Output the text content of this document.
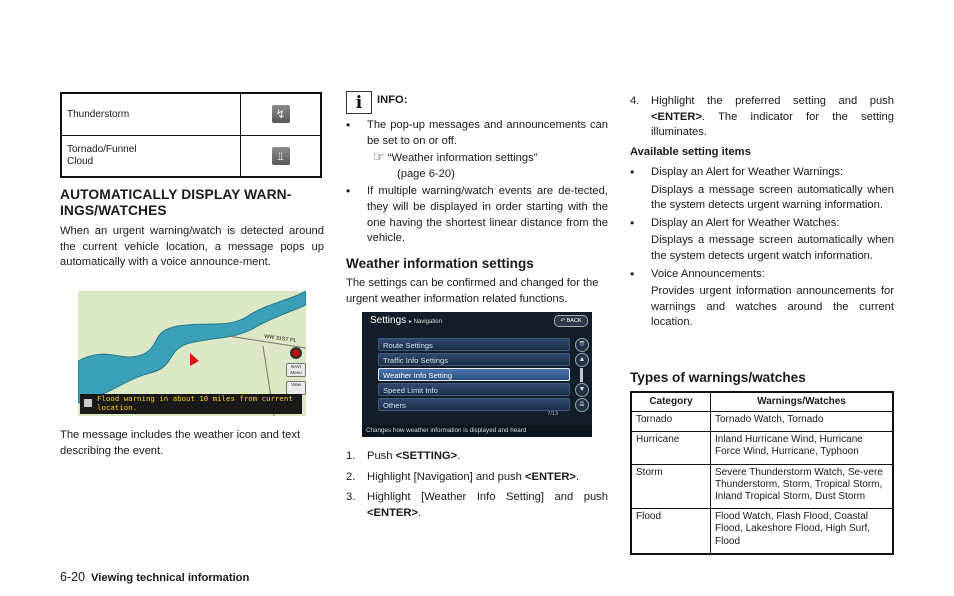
Thunderstorm	↯

Tornado/Funnel
Cloud	⫫
AUTOMATICALLY DISPLAY WARN-
INGS/WATCHES

When an urgent warning/watch is detected around the current vehicle location, a message pops up automatically with a voice announce-ment.

WW 31ST PL
NAVI Menu
View
Flood warning in about 10 miles from current location.

The message includes the weather icon and text describing the event.

i	INFO:
• The pop-up messages and announcements can be set to on or off.
☞ “Weather information settings”
(page 6-20)
• If multiple warning/watch events are de-tected, they will be displayed in order starting with the one having the shortest linear distance from the vehicle.
Weather information settings

The settings can be confirmed and changed for the urgent weather information related functions.

Settings ▸ Navigation	↶ BACK
Route Settings
Traffic Info Settings
Weather Info Setting
Speed Limit Info
Others
⇈
▲
▼
⇊
7/13
Changes how weather information is displayed and heard
1. Push <SETTING>.
2. Highlight [Navigation] and push <ENTER>.
3. Highlight [Weather Info Setting] and push <ENTER>.
4. Highlight the preferred setting and push <ENTER>. The indicator for the setting illuminates.
Available setting items
• Display an Alert for Weather Warnings:
Displays a message screen automatically when the system detects urgent warning information.
• Display an Alert for Weather Watches:
Displays a message screen automatically when the system detects urgent watch information.
• Voice Announcements:
Provides urgent information announcements for warnings and watches around the current location.
Types of warnings/watches
Category	Warnings/Watches
Tornado	Tornado Watch, Tornado
Hurricane	Inland Hurricane Wind, Hurricane Force Wind, Hurricane, Typhoon
Storm	Severe Thunderstorm Watch, Se-vere Thunderstorm, Storm, Tropical Storm, Inland Tropical Storm, Dust Storm
Flood	Flood Watch, Flash Flood, Coastal Flood, Lakeshore Flood, High Surf, Flood
6-20 Viewing technical information
